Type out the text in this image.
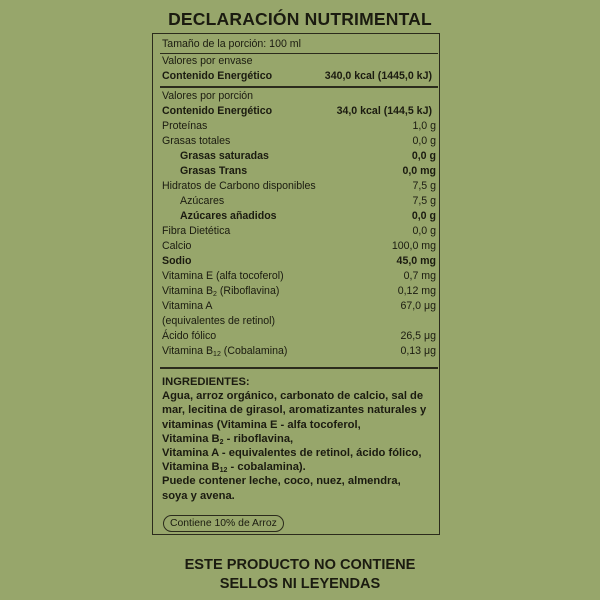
DECLARACIÓN NUTRIMENTAL
Tamaño de la porción: 100 ml
Valores por envase
Contenido Energético	340,0 kcal (1445,0 kJ)
Valores por porción
Contenido Energético	34,0 kcal (144,5 kJ)
Proteínas	1,0 g
Grasas totales	0,0 g
Grasas saturadas	0,0 g
Grasas Trans	0,0 mg
Hidratos de Carbono disponibles	7,5 g
Azúcares	7,5 g
Azúcares añadidos	0,0 g
Fibra Dietética	0,0 g
Calcio	100,0 mg
Sodio	45,0 mg
Vitamina E (alfa tocoferol)	0,7 mg
Vitamina $B_2$ (Riboflavina)	0,12 mg
Vitamina A	67,0 μg
(equivalentes de retinol)
Ácido fólico	26,5 μg
Vitamina $B_{12}$ (Cobalamina)	0,13 μg
INGREDIENTES:
Agua, arroz orgánico, carbonato de calcio, sal de
mar, lecitina de girasol, aromatizantes naturales y
vitaminas (Vitamina E - alfa tocoferol,
Vitamina $B_2$ - riboflavina,
Vitamina A - equivalentes de retinol, ácido fólico,
Vitamina $B_{12}$ - cobalamina).
Puede contener leche, coco, nuez, almendra,
soya y avena.
Contiene 10% de Arroz
ESTE PRODUCTO NO CONTIENE
SELLOS NI LEYENDAS
